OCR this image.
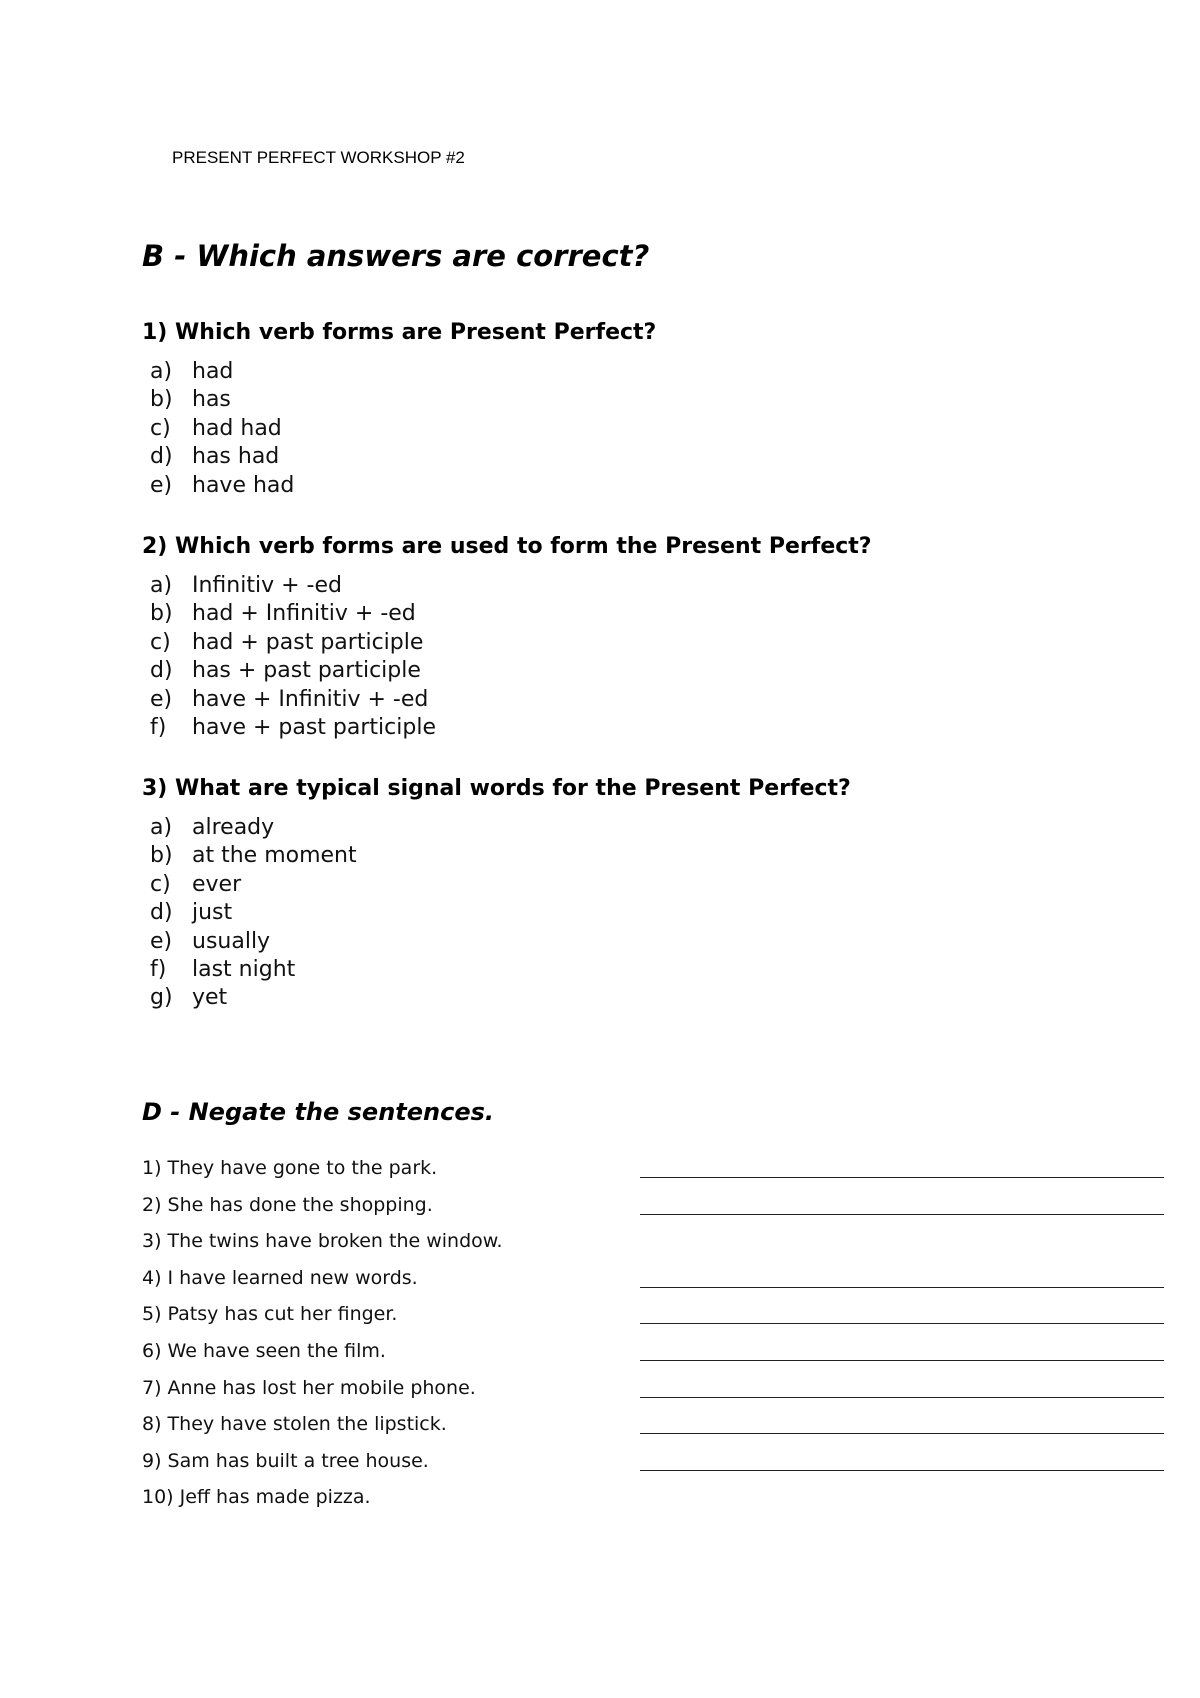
PRESENT PERFECT WORKSHOP #2
B - Which answers are correct?
1) Which verb forms are Present Perfect?
a) had
b) has
c) had had
d) has had
e) have had
2) Which verb forms are used to form the Present Perfect?
a) Infinitiv + -ed
b) had + Infinitiv + -ed
c) had + past participle
d) has + past participle
e) have + Infinitiv + -ed
f) have + past participle
3) What are typical signal words for the Present Perfect?
a) already
b) at the moment
c) ever
d) just
e) usually
f) last night
g) yet
D - Negate the sentences.
1) They have gone to the park.
2) She has done the shopping.
3) The twins have broken the window.
4) I have learned new words.
5) Patsy has cut her finger.
6) We have seen the film.
7) Anne has lost her mobile phone.
8) They have stolen the lipstick.
9) Sam has built a tree house.
10) Jeff has made pizza.
